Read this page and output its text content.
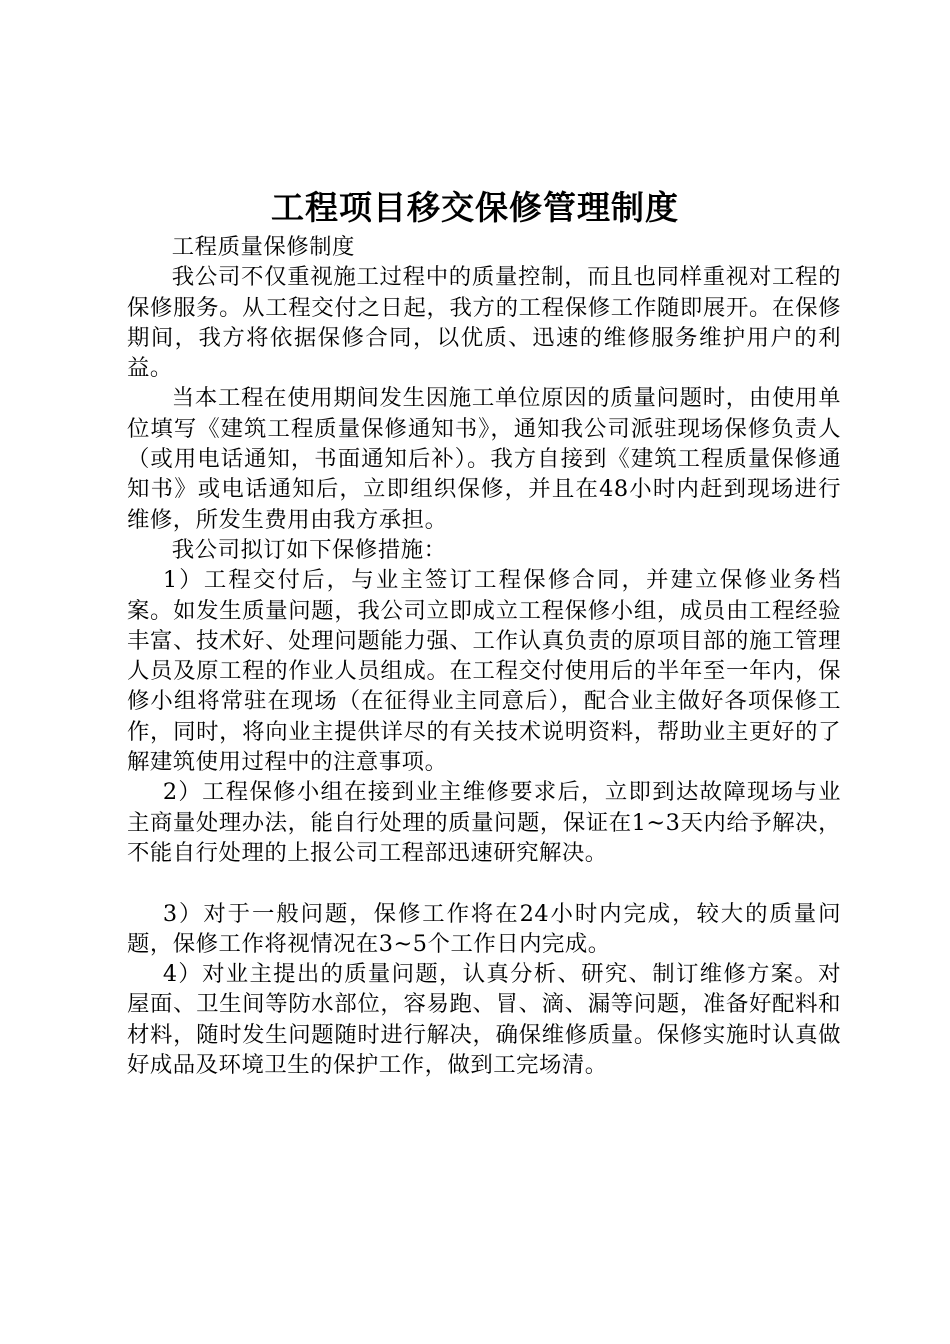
工程项目移交保修管理制度

工程质量保修制度

我公司不仅重视施工过程中的质量控制，而且也同样重视对工程的保修服务。从工程交付之日起，我方的工程保修工作随即展开。在保修期间，我方将依据保修合同，以优质、迅速的维修服务维护用户的利益。

当本工程在使用期间发生因施工单位原因的质量问题时，由使用单位填写《建筑工程质量保修通知书》，通知我公司派驻现场保修负责人（或用电话通知，书面通知后补）。我方自接到《建筑工程质量保修通知书》或电话通知后，立即组织保修，并且在48小时内赶到现场进行维修，所发生费用由我方承担。

我公司拟订如下保修措施：

1）工程交付后，与业主签订工程保修合同，并建立保修业务档案。如发生质量问题，我公司立即成立工程保修小组，成员由工程经验丰富、技术好、处理问题能力强、工作认真负责的原项目部的施工管理人员及原工程的作业人员组成。在工程交付使用后的半年至一年内，保修小组将常驻在现场（在征得业主同意后），配合业主做好各项保修工作，同时，将向业主提供详尽的有关技术说明资料，帮助业主更好的了解建筑使用过程中的注意事项。

2）工程保修小组在接到业主维修要求后，立即到达故障现场与业主商量处理办法，能自行处理的质量问题，保证在1~3天内给予解决，不能自行处理的上报公司工程部迅速研究解决。

3）对于一般问题，保修工作将在24小时内完成，较大的质量问题，保修工作将视情况在3~5个工作日内完成。

4）对业主提出的质量问题，认真分析、研究、制订维修方案。对屋面、卫生间等防水部位，容易跑、冒、滴、漏等问题，准备好配料和材料，随时发生问题随时进行解决，确保维修质量。保修实施时认真做好成品及环境卫生的保护工作，做到工完场清。
